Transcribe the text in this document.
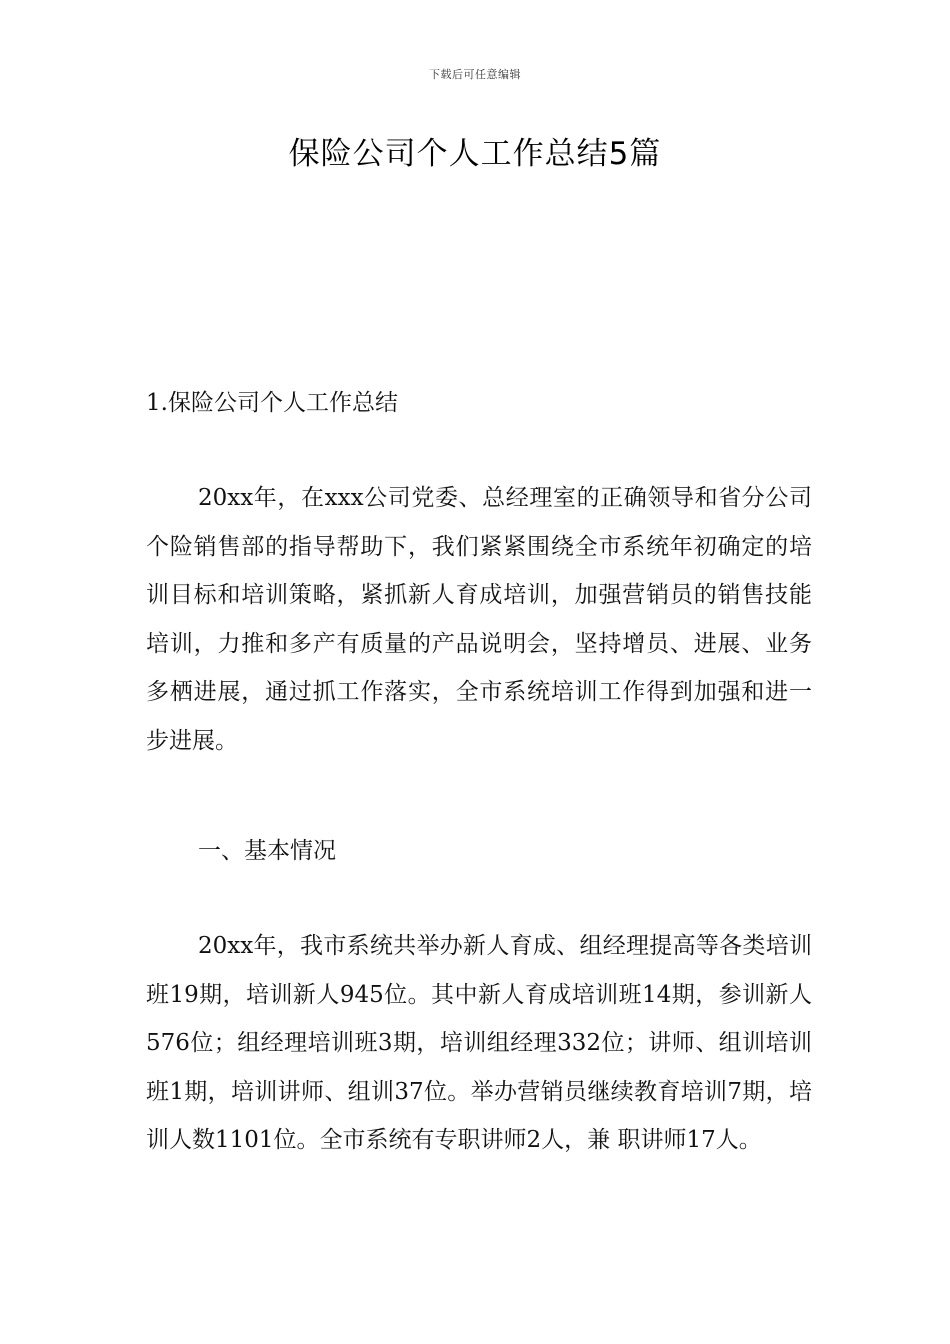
下载后可任意编辑
保险公司个人工作总结5篇
1.保险公司个人工作总结

20xx年，在xxx公司党委、总经理室的正确领导和省分公司个险销售部的指导帮助下，我们紧紧围绕全市系统年初确定的培训目标和培训策略，紧抓新人育成培训，加强营销员的销售技能培训，力推和多产有质量的产品说明会，坚持增员、进展、业务多栖进展，通过抓工作落实，全市系统培训工作得到加强和进一步进展。

一、基本情况

20xx年，我市系统共举办新人育成、组经理提高等各类培训班19期，培训新人945位。其中新人育成培训班14期，参训新人576位；组经理培训班3期，培训组经理332位；讲师、组训培训班1期，培训讲师、组训37位。举办营销员继续教育培训7期，培训人数1101位。全市系统有专职讲师2人，兼 职讲师17人。
